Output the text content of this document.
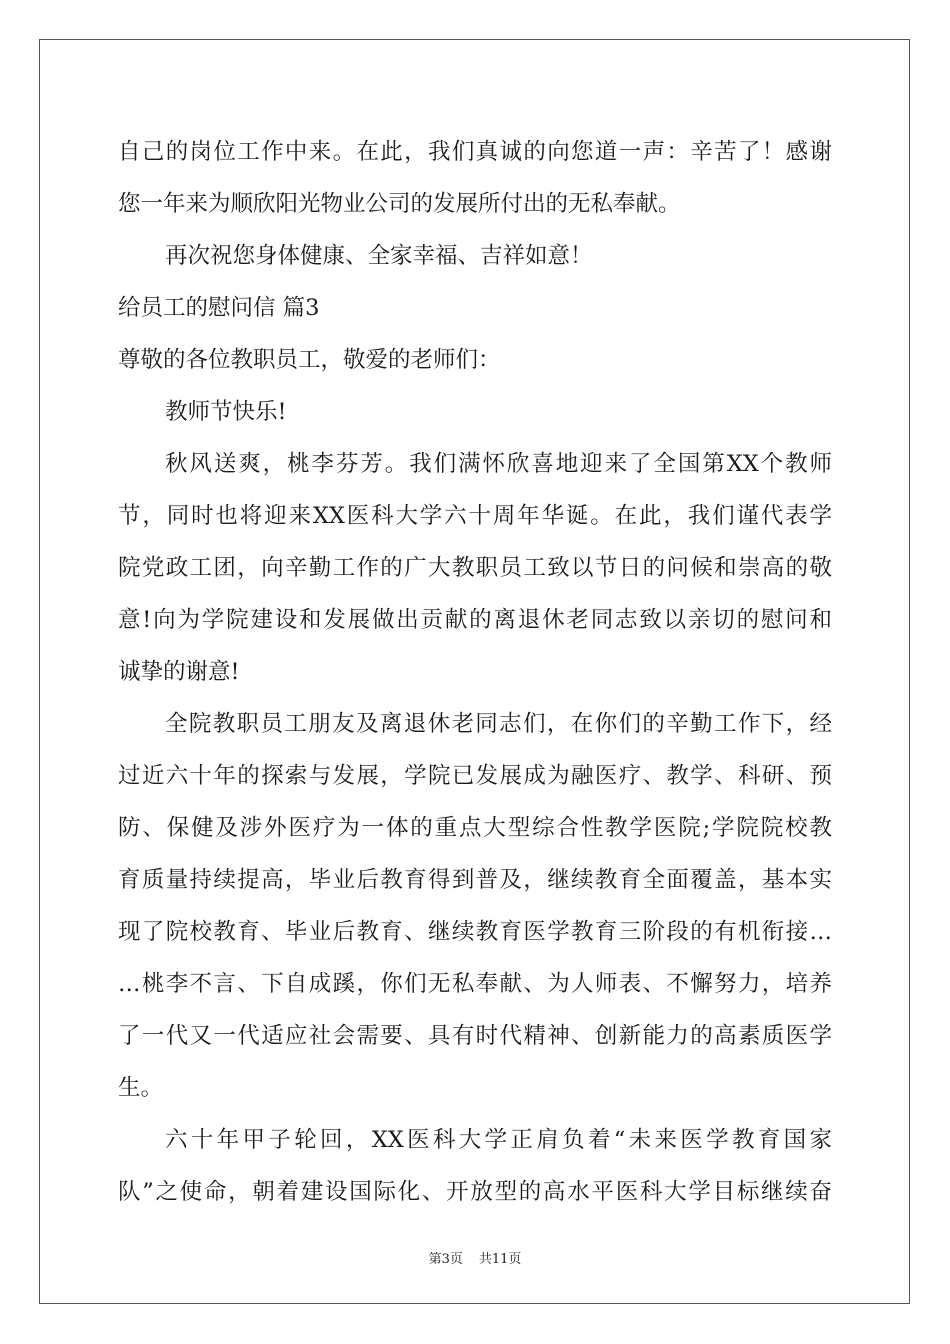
自己的岗位工作中来。在此，我们真诚的向您道一声：辛苦了！感谢
您一年来为顺欣阳光物业公司的发展所付出的无私奉献。
再次祝您身体健康、全家幸福、吉祥如意！
给员工的慰问信 篇3
尊敬的各位教职员工，敬爱的老师们：
教师节快乐!
秋风送爽，桃李芬芳。我们满怀欣喜地迎来了全国第XX个教师
节，同时也将迎来XX医科大学六十周年华诞。在此，我们谨代表学
院党政工团，向辛勤工作的广大教职员工致以节日的问候和崇高的敬
意!向为学院建设和发展做出贡献的离退休老同志致以亲切的慰问和
诚挚的谢意!
全院教职员工朋友及离退休老同志们，在你们的辛勤工作下，经
过近六十年的探索与发展，学院已发展成为融医疗、教学、科研、预
防、保健及涉外医疗为一体的重点大型综合性教学医院;学院院校教
育质量持续提高，毕业后教育得到普及，继续教育全面覆盖，基本实
现了院校教育、毕业后教育、继续教育医学教育三阶段的有机衔接…
…桃李不言、下自成蹊，你们无私奉献、为人师表、不懈努力，培养
了一代又一代适应社会需要、具有时代精神、创新能力的高素质医学
生。
六十年甲子轮回，XX医科大学正肩负着“未来医学教育国家
队”之使命，朝着建设国际化、开放型的高水平医科大学目标继续奋
第3页 共11页
